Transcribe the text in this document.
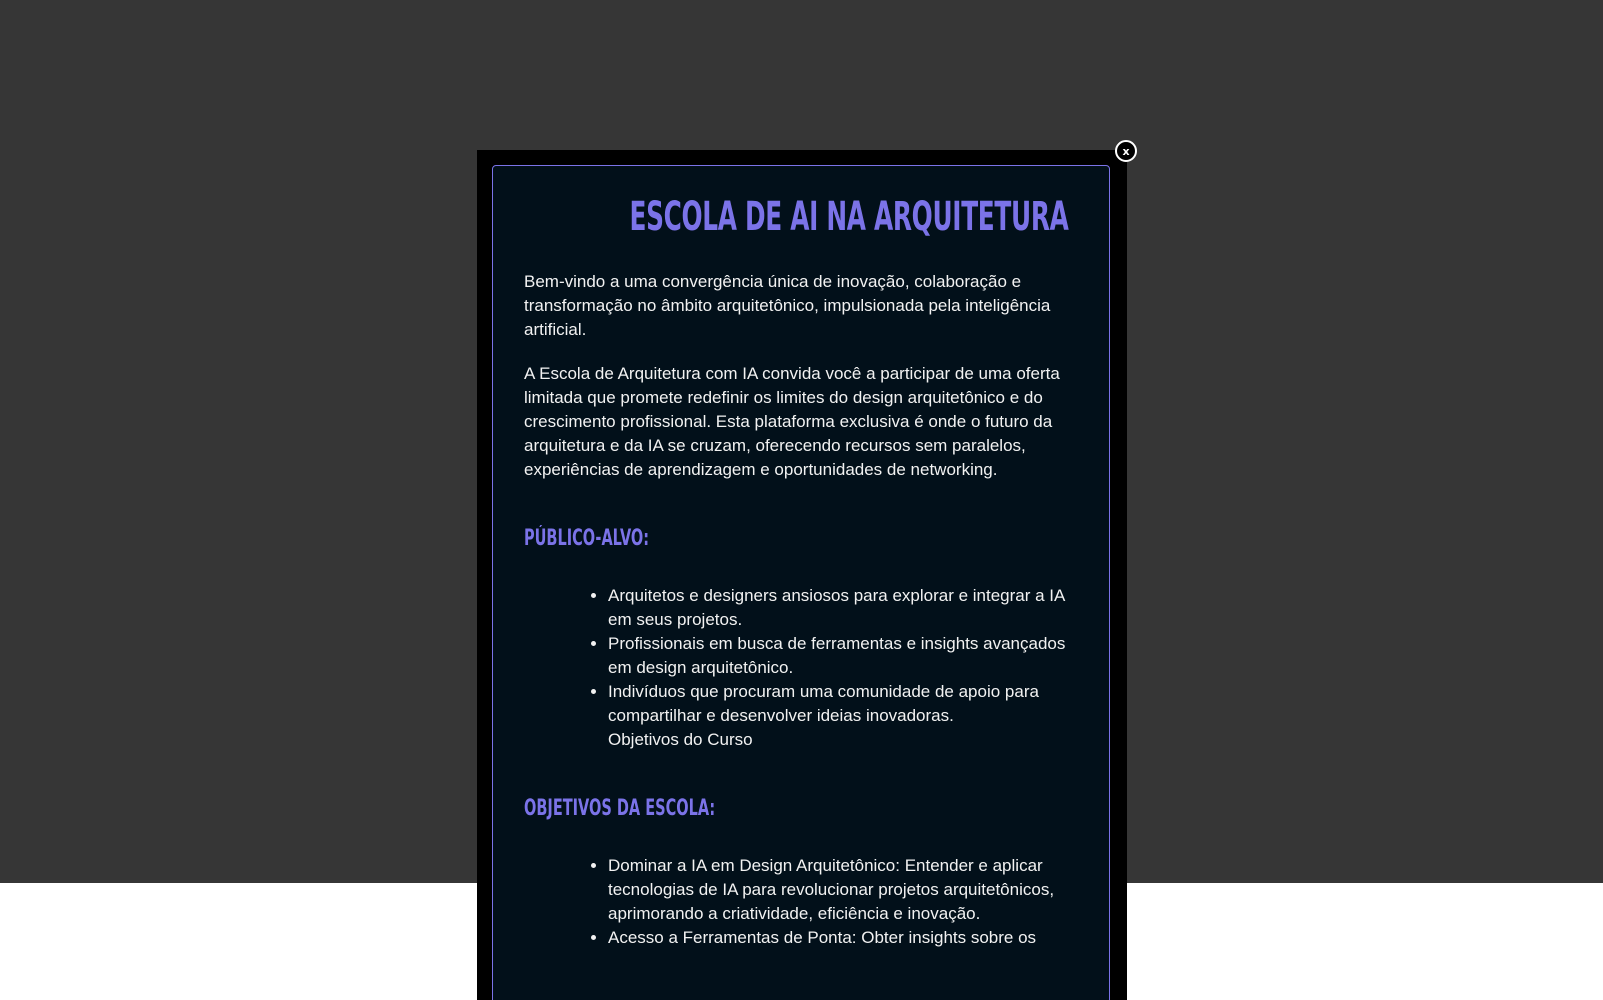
ESCOLA DE AI NA ARQUITETURA

Bem-vindo a uma convergência única de inovação, colaboração e transformação no âmbito arquitetônico, impulsionada pela inteligência artificial.

A Escola de Arquitetura com IA convida você a participar de uma oferta limitada que promete redefinir os limites do design arquitetônico e do crescimento profissional. Esta plataforma exclusiva é onde o futuro da arquitetura e da IA se cruzam, oferecendo recursos sem paralelos, experiências de aprendizagem e oportunidades de networking.

PÚBLICO-ALVO:
• Arquitetos e designers ansiosos para explorar e integrar a IA em seus projetos.
• Profissionais em busca de ferramentas e insights avançados em design arquitetônico.
• Indivíduos que procuram uma comunidade de apoio para compartilhar e desenvolver ideias inovadoras.
Objetivos do Curso
OBJETIVOS DA ESCOLA:
• Dominar a IA em Design Arquitetônico: Entender e aplicar tecnologias de IA para revolucionar projetos arquitetônicos, aprimorando a criatividade, eficiência e inovação.
• Acesso a Ferramentas de Ponta: Obter insights sobre os
x
